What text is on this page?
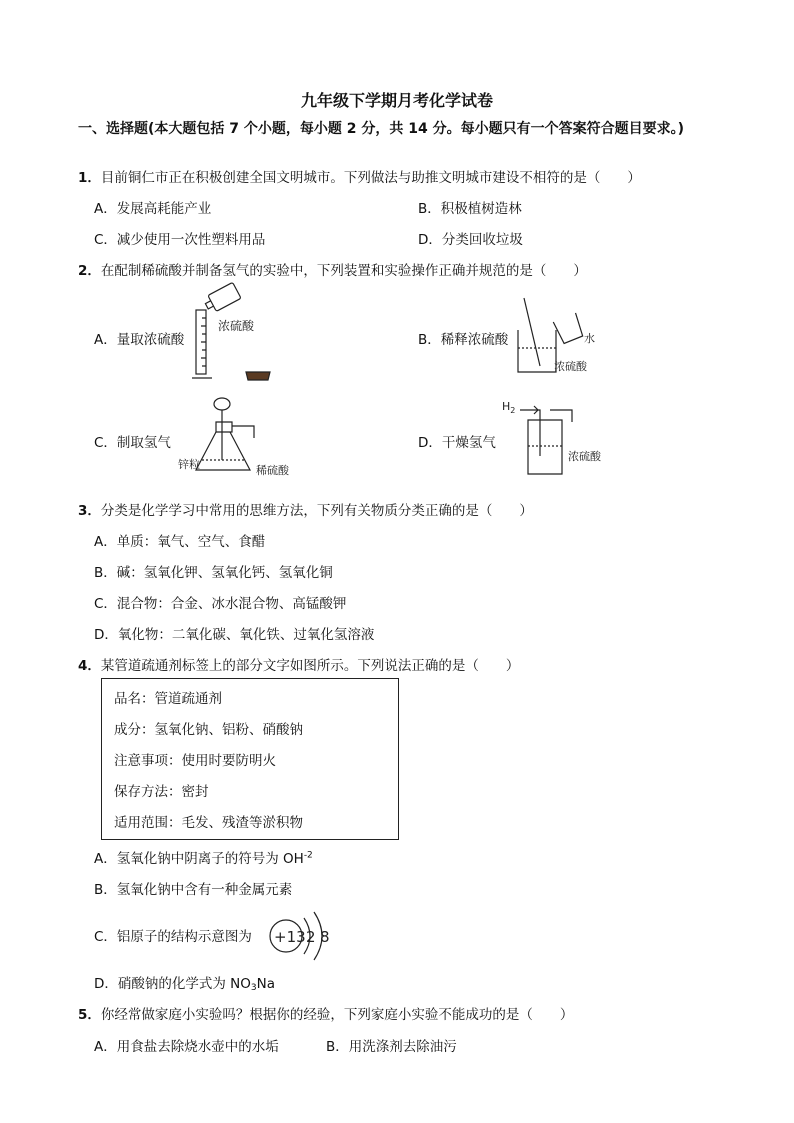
九年级下学期月考化学试卷
一、选择题(本大题包括 7 个小题，每小题 2 分，共 14 分。每小题只有一个答案符合题目要求。)
1．目前铜仁市正在积极创建全国文明城市。下列做法与助推文明城市建设不相符的是（　　）
A．发展高耗能产业	B．积极植树造林
C．减少使用一次性塑料用品	D．分类回收垃圾
2．在配制稀硫酸并制备氢气的实验中，下列装置和实验操作正确并规范的是（　　）
A．量取浓硫酸
浓硫酸
B．稀释浓硫酸	水
浓硫酸
C．制取氢气
锌粒	稀硫酸
D．干燥氢气
$H_2$
浓硫酸
3．分类是化学学习中常用的思维方法，下列有关物质分类正确的是（　　）
A．单质：氧气、空气、食醋
B．碱：氢氧化钾、氢氧化钙、氢氧化铜
C．混合物：合金、冰水混合物、高锰酸钾
D．氧化物：二氧化碳、氧化铁、过氧化氢溶液
4．某管道疏通剂标签上的部分文字如图所示。下列说法正确的是（　　）
品名：管道疏通剂
成分：氢氧化钠、铝粉、硝酸钠
注意事项：使用时要防明火
保存方法：密封
适用范围：毛发、残渣等淤积物
A．氢氧化钠中阴离子的符号为 $OH^{-2}$
B．氢氧化钠中含有一种金属元素
C．铝原子的结构示意图为 +13 2 8
D．硝酸钠的化学式为 $NO_3Na$
5．你经常做家庭小实验吗？根据你的经验，下列家庭小实验不能成功的是（　　）
A．用食盐去除烧水壶中的水垢	B．用洗涤剂去除油污
